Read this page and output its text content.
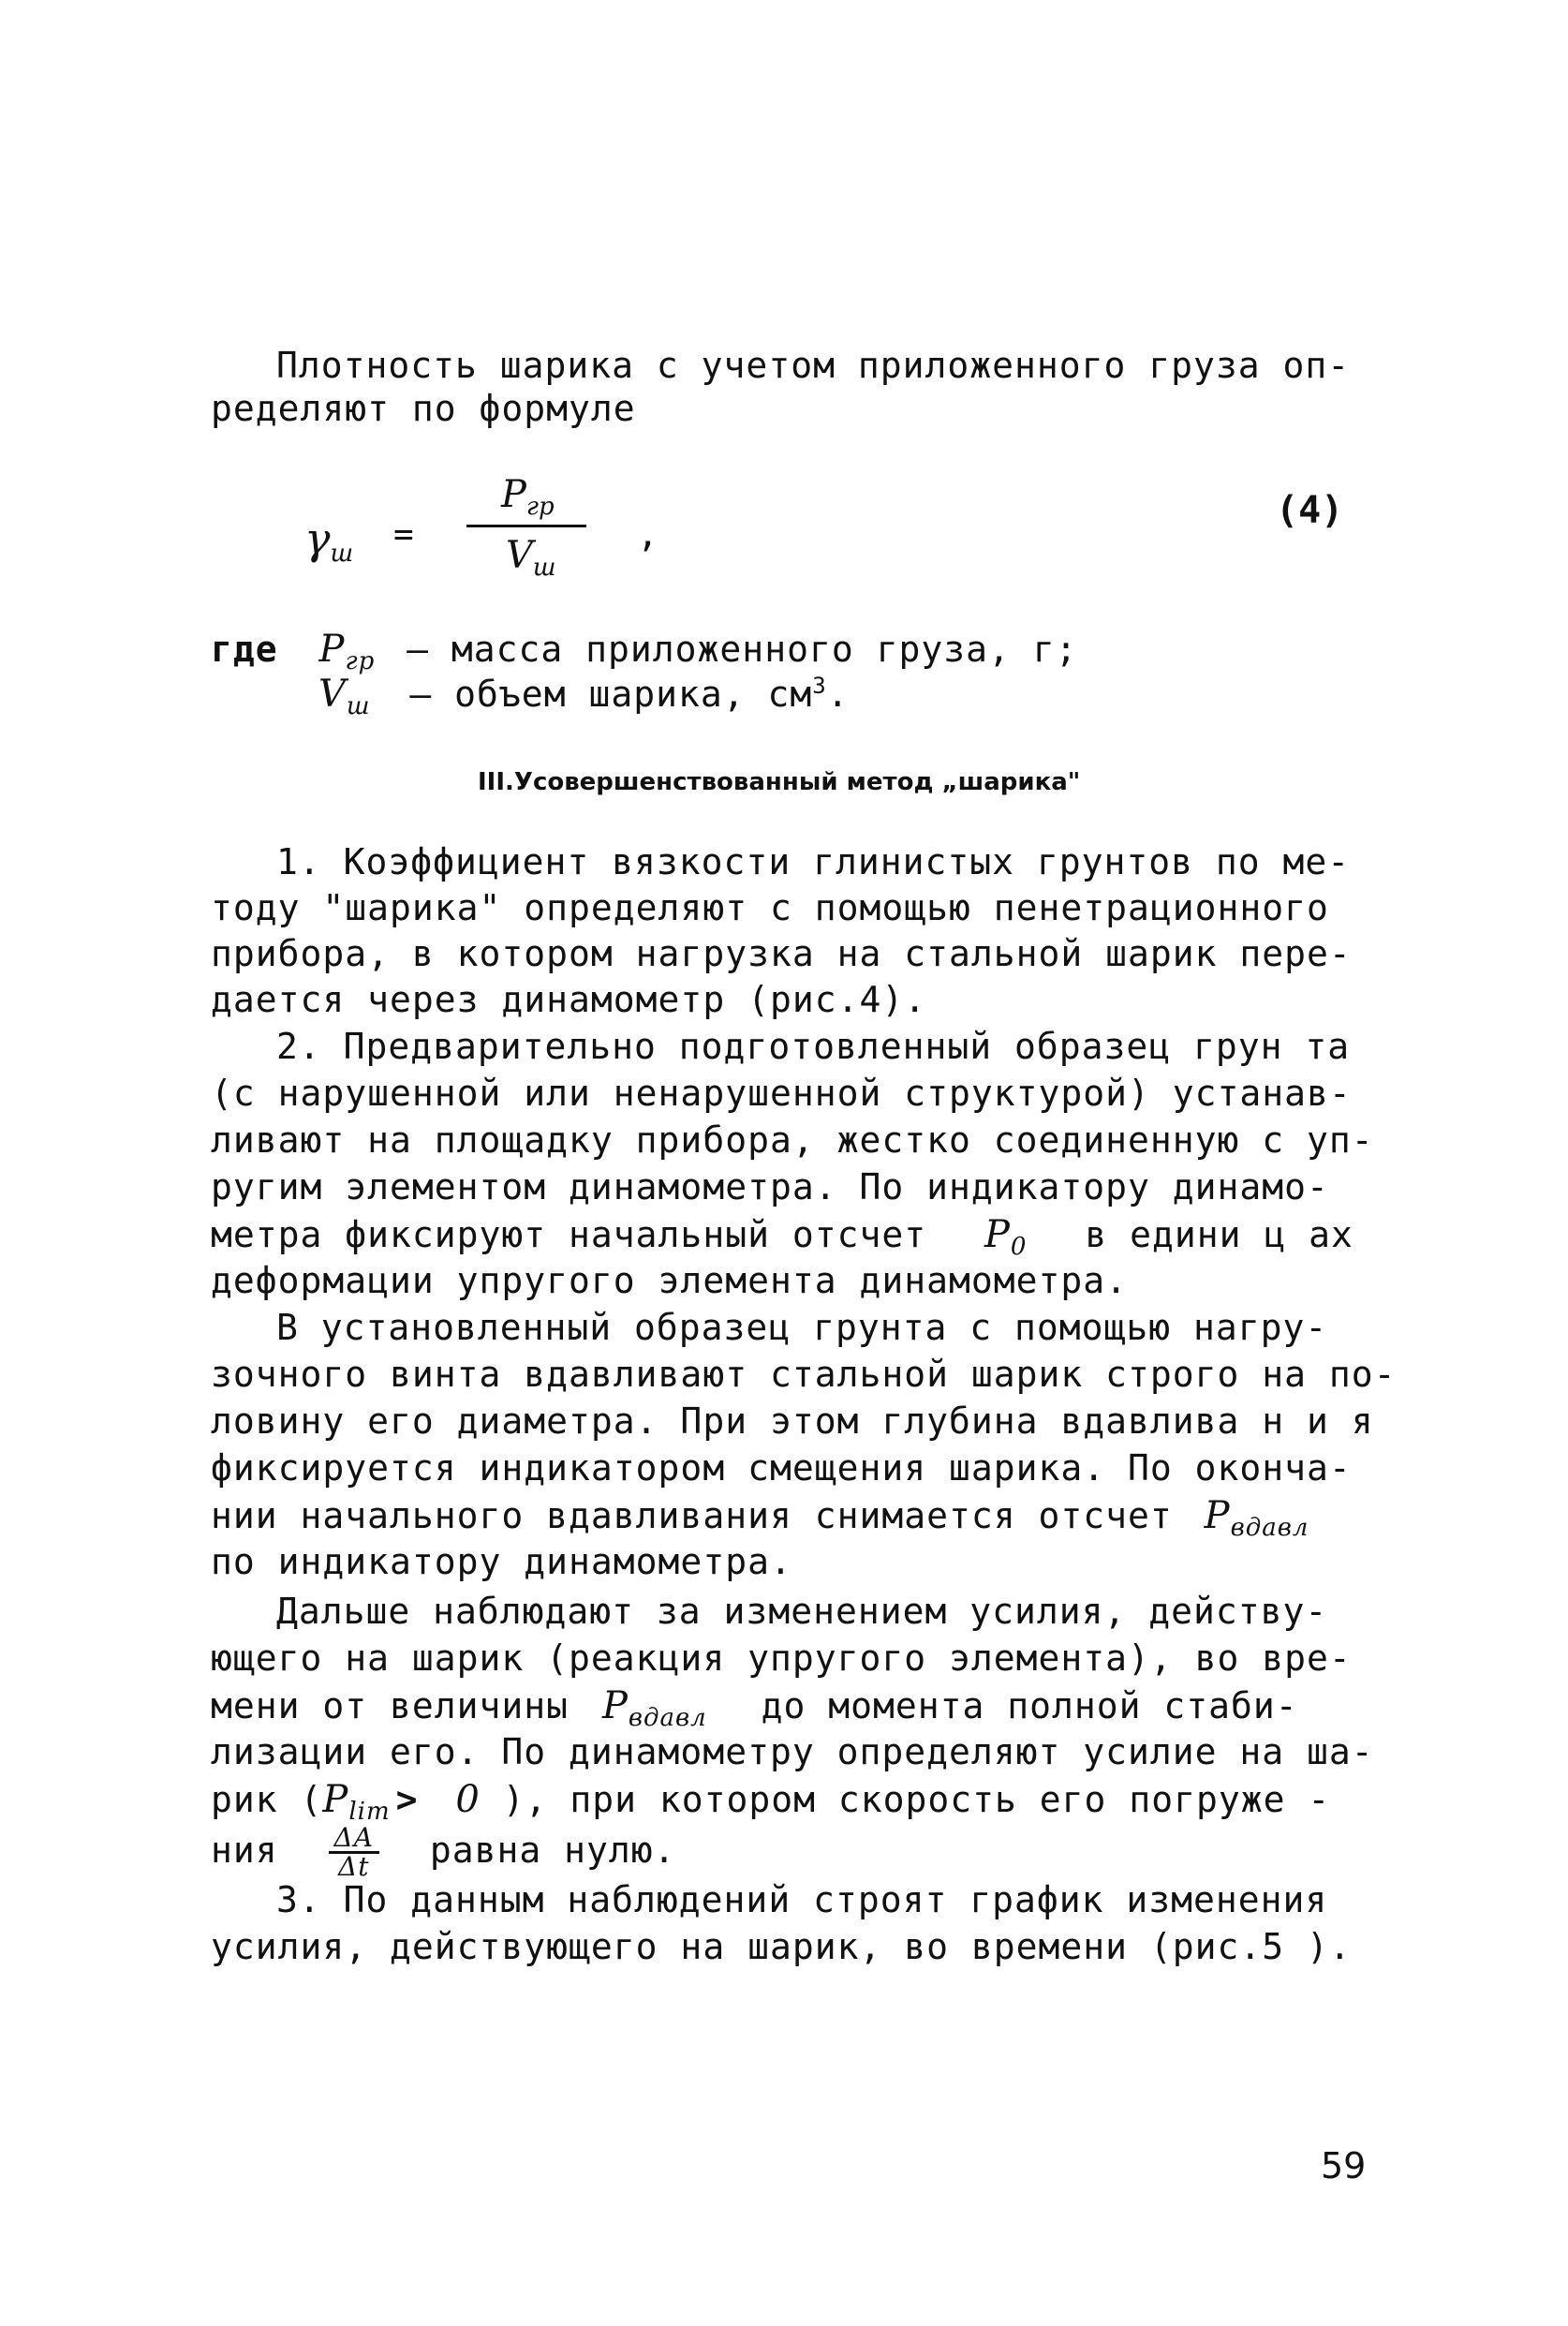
Плотность шарика с учетом приложенного груза оп-
ределяют по формуле
$\gamma_ш$ =
$P_{гр}$
$V_ш$
,
(4)
где $P_{гр}$ – масса приложенного груза, г;
$V_ш$ – объем шарика, $см^3$.
III.Усовершенствованный метод „шарика"
1. Коэффициент вязкости глинистых грунтов по ме-
тоду "шарика" определяют с помощью пенетрационного
прибора, в котором нагрузка на стальной шарик пере-
дается через динамометр (рис.4).
2. Предварительно подготовленный образец грун та
(с нарушенной или ненарушенной структурой) устанав-
ливают на площадку прибора, жестко соединенную с уп-
ругим элементом динамометра. По индикатору динамо-
метра фиксируют начальный отсчет $P_0$ в едини ц ах
деформации упругого элемента динамометра.
В установленный образец грунта с помощью нагру-
зочного винта вдавливают стальной шарик строго на по-
ловину его диаметра. При этом глубина вдавлива н и я
фиксируется индикатором смещения шарика. По оконча-
нии начального вдавливания снимается отсчет $P_{вдавл}$
по индикатору динамометра.
Дальше наблюдают за изменением усилия, действу-
ющего на шарик (реакция упругого элемента), во вре-
мени от величины $P_{вдавл}$ до момента полной стаби-
лизации его. По динамометру определяют усилие на ша-
рик ($P_{lim} > 0$ ), при котором скорость его погруже -
ния $\frac{\Delta A}{\Delta t}$ равна нулю.
3. По данным наблюдений строят график изменения
усилия, действующего на шарик, во времени (рис.5 ).
59
